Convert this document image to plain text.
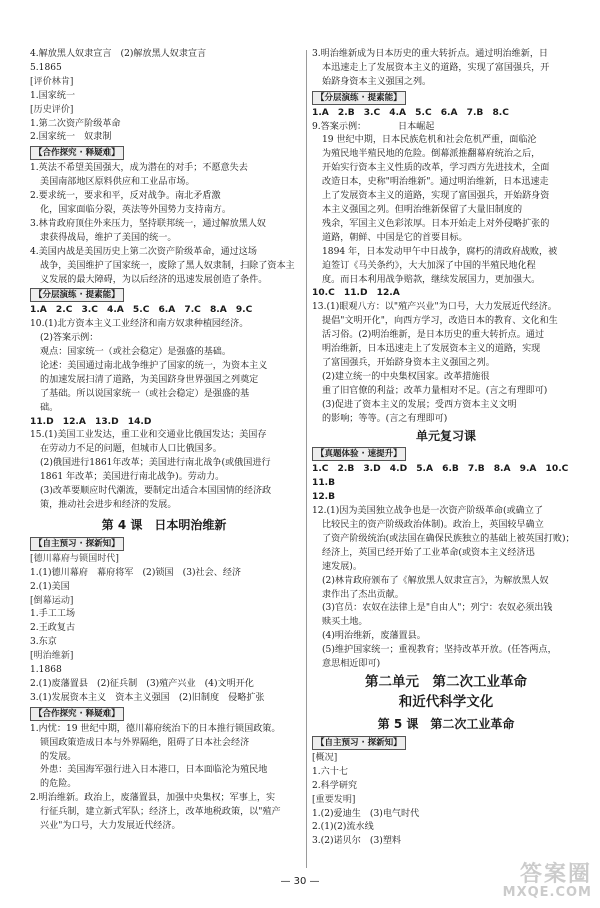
4.解放黑人奴隶宣言　(2)解放黑人奴隶宣言
5.1865
[评价林肯]
1.国家统一
[历史评价]
1.第二次资产阶级革命
2.国家统一　奴隶制
【合作探究 · 释疑难】
1.英法不希望美国强大，成为潜在的对手；不愿意失去
美国南部地区原料供应和工业品市场。
2.要求统一，要求和平，反对战争。南北矛盾激
化，国家面临分裂，英法等外国势力支持南方。
3.林肯政府顶住外来压力，坚持联邦统一，通过解放黑人奴
隶获得战局，维护了美国的统一。
4.美国内战是美国历史上第二次资产阶级革命，通过这场
战争，美国维护了国家统一，废除了黑人奴隶制，扫除了资本主
义发展的最大障碍，为以后经济的迅速发展创造了条件。
【分层演练 · 提素能】
1.A　2.C　3.C　4.A　5.C　6.A　7.C　8.A　9.C
10.(1)北方资本主义工业经济和南方奴隶种植园经济。
(2)答案示例：
观点：国家统一（或社会稳定）是强盛的基础。
论述：美国通过南北战争维护了国家的统一，为资本主义
的加速发展扫清了道路，为美国跻身世界强国之列奠定
了基础。所以说国家统一（或社会稳定）是强盛的基
础。
11.D　12.A　13.D　14.D
15.(1)美国工业发达，重工业和交通业比俄国发达；美国存
在劳动力不足的问题，但城市人口比俄国多。
(2)俄国进行1861年改革；美国进行南北战争(或俄国进行
1861 年改革；美国进行南北战争)。劳动力。
(3)改革要顺应时代潮流，要制定出适合本国国情的经济政
策，推动社会进步和经济的发展。
第 4 课　日本明治维新
【自主预习 · 探新知】
[德川幕府与锁国时代]
1.(1)德川幕府　幕府将军　(2)锁国　(3)社会、经济
2.(1)美国
[倒幕运动]
1.手工工场
2.王政复古
3.东京
[明治维新]
1.1868
2.(1)废藩置县　(2)征兵制　(3)殖产兴业　(4)文明开化
3.(1)发展资本主义　资本主义强国　(2)旧制度　侵略扩张
【合作探究 · 释疑难】
1.内忧：19 世纪中期，德川幕府统治下的日本推行锁国政策。
锁国政策造成日本与外界隔绝，阻碍了日本社会经济
的发展。
外患：美国海军强行进入日本港口，日本面临沦为殖民地
的危险。
2.明治维新。政治上，废藩置县，加强中央集权；军事上，实
行征兵制，建立新式军队；经济上，改革地税政策，以"殖产
兴业"为口号，大力发展近代经济。
3.明治维新成为日本历史的重大转折点。通过明治维新，日
本迅速走上了发展资本主义的道路，实现了富国强兵，开
始跻身资本主义强国之列。
【分层演练 · 提素能】
1.A　2.B　3.C　4.A　5.C　6.A　7.B　8.C
9.答案示例：　　　　日本崛起
19 世纪中期，日本民族危机和社会危机严重，面临沦
为殖民地半殖民地的危险。倒幕派推翻幕府统治之后，
开始实行资本主义性质的改革，学习西方先进技术，全面
改造日本，史称"明治维新"。通过明治维新，日本迅速走
上了发展资本主义的道路，实现了富国强兵，开始跻身资
本主义强国之列。但明治维新保留了大量旧制度的
残余，军国主义色彩浓厚。日本开始走上对外侵略扩张的
道路，朝鲜、中国是它的首要目标。
1894 年，日本发动甲午中日战争，腐朽的清政府战败，被
迫签订《马关条约》，大大加深了中国的半殖民地化程
度。而日本利用战争赔款，继续发展国力，更加强大。
10.C　11.D　12.A
13.(1)眼观八方：以"殖产兴业"为口号，大力发展近代经济。
提倡"文明开化"，向西方学习，改造日本的教育、文化和生
活习俗。(2)明治维新，是日本历史的重大转折点。通过
明治维新，日本迅速走上了发展资本主义的道路，实现
了富国强兵，开始跻身资本主义强国之列。
(2)建立统一的中央集权国家。改革措施很
重了旧官僚的利益；改革力量相对不足。(言之有理即可)
(3)促进了资本主义的发展；受西方资本主义文明
的影响；等等。(言之有理即可)
单元复习课
【真题体验 · 速提升】
1.C　2.B　3.D　4.D　5.A　6.B　7.B　8.A　9.A　10.C
11.B
12.B
12.(1)因为美国独立战争也是一次资产阶级革命(或确立了
比较民主的资产阶级政治体制)。政治上，英国较早确立
了资产阶级统治(或法国在确保民族独立的基础上被英国打败)；
经济上，英国已经开始了工业革命(或资本主义经济迅
速发展)。
(2)林肯政府颁布了《解放黑人奴隶宣言》，为解放黑人奴
隶作出了杰出贡献。
(3)官员：农奴在法律上是"自由人"；列宁：农奴必须出钱
赎买土地。
(4)明治维新，废藩置县。
(5)维护国家统一；重视教育；坚持改革开放。(任答两点，
意思相近即可)
第二单元　第二次工业革命
和近代科学文化
第 5 课　第二次工业革命
【自主预习 · 探新知】
[概况]
1.六十七
2.科学研究
[重要发明]
1.(2)爱迪生　(3)电气时代
2.(1)(2)流水线
3.(2)诺贝尔　(3)塑料
— 30 —	答案圈
MXQE.COM
